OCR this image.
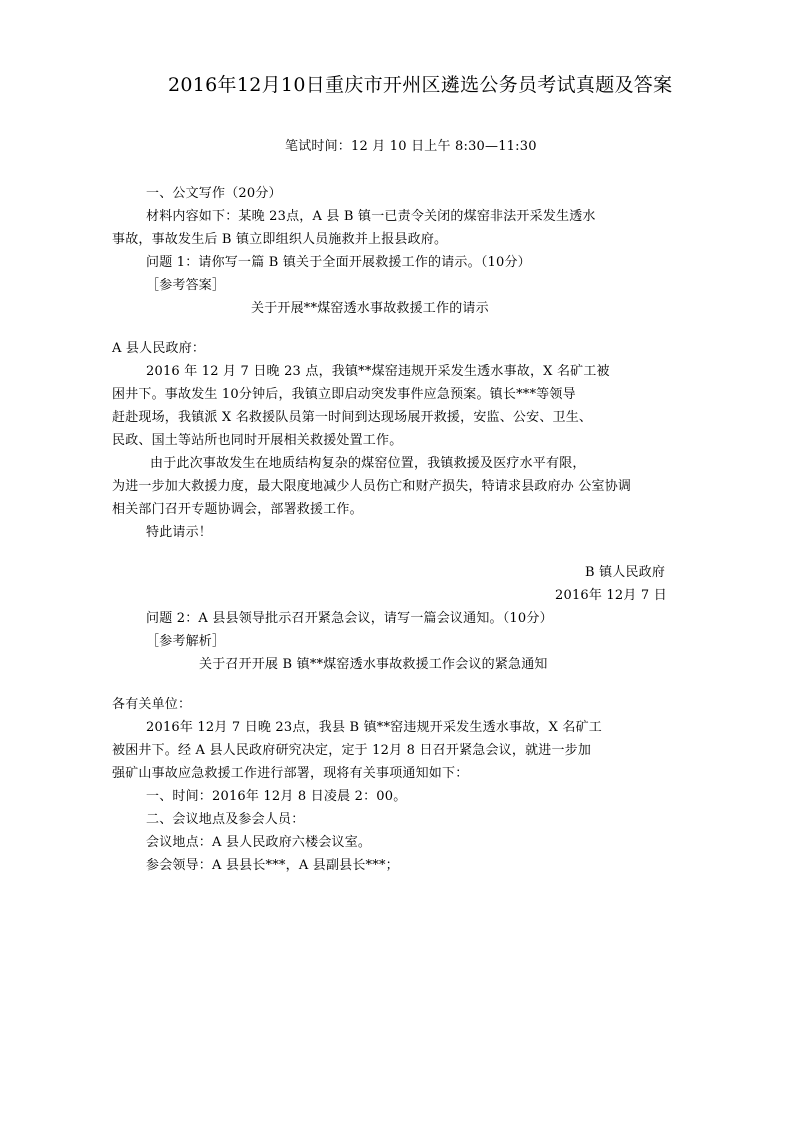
2016年12月10日重庆市开州区遴选公务员考试真题及答案
笔试时间：12 月 10 日上午 8:30—11:30
一、公文写作（20分）
材料内容如下：某晚 23点，A 县 B 镇一已责令关闭的煤窑非法开采发生透水
事故，事故发生后 B 镇立即组织人员施救并上报县政府。
问题 1：请你写一篇 B 镇关于全面开展救援工作的请示。（10分）
［参考答案］
关于开展**煤窑透水事故救援工作的请示
A 县人民政府：
2016 年 12 月 7 日晚 23 点，我镇**煤窑违规开采发生透水事故，X 名矿工被
困井下。事故发生 10分钟后，我镇立即启动突发事件应急预案。镇长***等领导
赶赴现场，我镇派 X 名救援队员第一时间到达现场展开救援，安监、公安、卫生、
民政、国土等站所也同时开展相关救援处置工作。
由于此次事故发生在地质结构复杂的煤窑位置，我镇救援及医疗水平有限，
为进一步加大救援力度，最大限度地减少人员伤亡和财产损失，特请求县政府办 公室协调
相关部门召开专题协调会，部署救援工作。
特此请示！
B 镇人民政府
2016年 12月 7 日
问题 2：A 县县领导批示召开紧急会议，请写一篇会议通知。（10分）
［参考解析］
关于召开开展 B 镇**煤窑透水事故救援工作会议的紧急通知
各有关单位：
2016年 12月 7 日晚 23点，我县 B 镇**窑违规开采发生透水事故，X 名矿工
被困井下。经 A 县人民政府研究决定，定于 12月 8 日召开紧急会议，就进一步加
强矿山事故应急救援工作进行部署，现将有关事项通知如下：
一、时间：2016年 12月 8 日凌晨 2：00。
二、会议地点及参会人员：
会议地点：A 县人民政府六楼会议室。
参会领导：A 县县长***，A 县副县长***；
